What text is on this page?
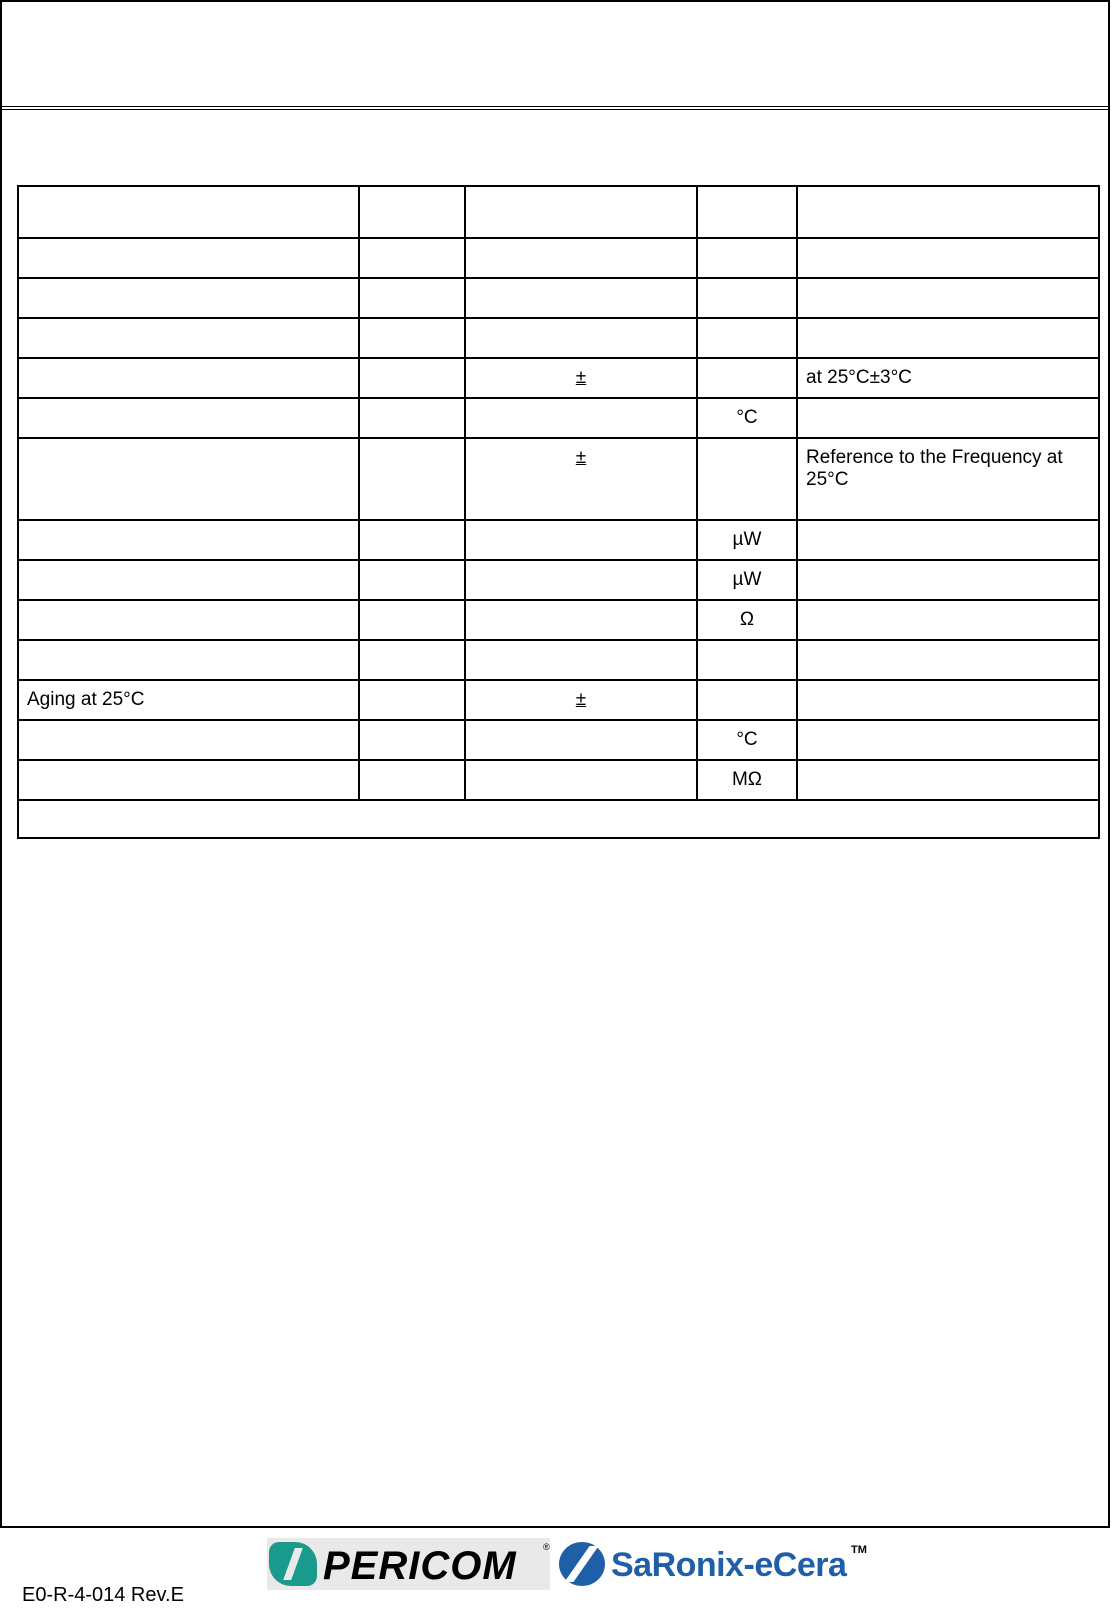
		±		at 25°C±3°C
			°C	
		±		Reference to the Frequency at 25°C
			µW	
			µW	
			Ω	

Aging at 25°C		±		
			°C	
			MΩ	

PERICOM	® SaRonix-eCera TM
E0-R-4-014 Rev.E
